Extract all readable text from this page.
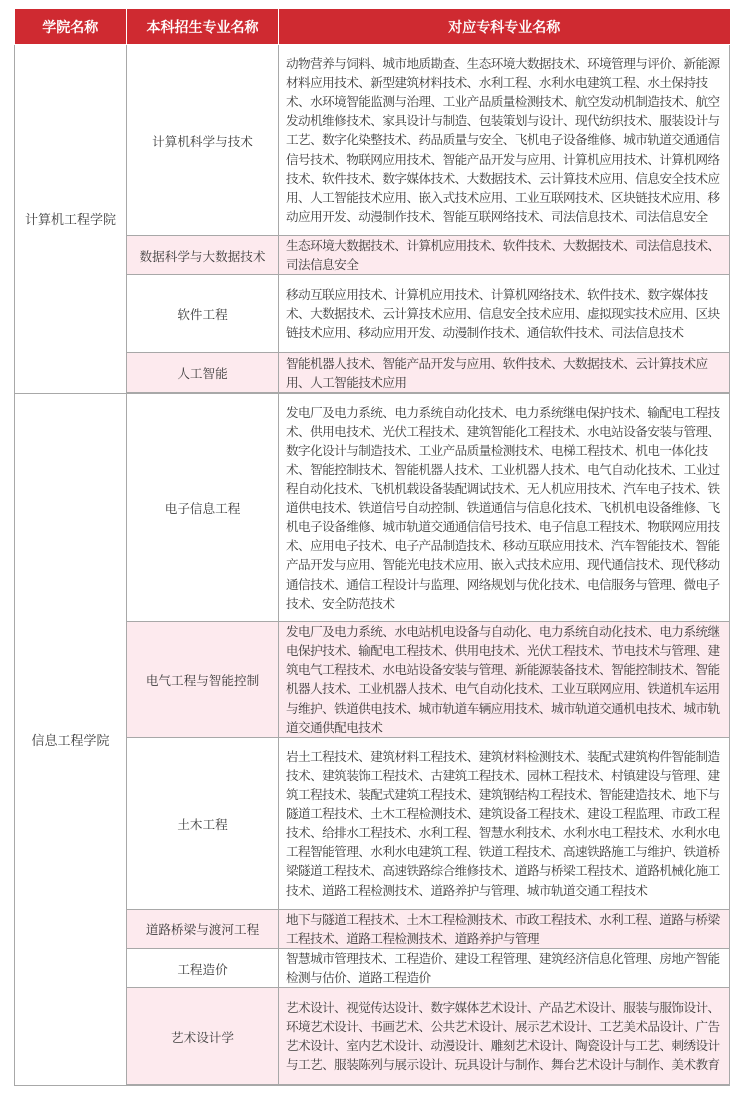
学院名称	本科招生专业名称	对应专科专业名称
计算机工程学院	计算机科学与技术	动物营养与饲料、城市地质勘查、生态环境大数据技术、环境管理与评价、新能源材料应用技术、新型建筑材料技术、水利工程、水利水电建筑工程、水土保持技术、水环境智能监测与治理、工业产品质量检测技术、航空发动机制造技术、航空发动机维修技术、家具设计与制造、包装策划与设计、现代纺织技术、服装设计与工艺、数字化染整技术、药品质量与安全、飞机电子设备维修、城市轨道交通通信信号技术、物联网应用技术、智能产品开发与应用、计算机应用技术、计算机网络技术、软件技术、数字媒体技术、大数据技术、云计算技术应用、信息安全技术应用、人工智能技术应用、嵌入式技术应用、工业互联网技术、区块链技术应用、移动应用开发、动漫制作技术、智能互联网络技术、司法信息技术、司法信息安全
	数据科学与大数据技术	生态环境大数据技术、计算机应用技术、软件技术、大数据技术、司法信息技术、司法信息安全
	软件工程	移动互联应用技术、计算机应用技术、计算机网络技术、软件技术、数字媒体技术、大数据技术、云计算技术应用、信息安全技术应用、虚拟现实技术应用、区块链技术应用、移动应用开发、动漫制作技术、通信软件技术、司法信息技术
	人工智能	智能机器人技术、智能产品开发与应用、软件技术、大数据技术、云计算技术应用、人工智能技术应用
信息工程学院	电子信息工程	发电厂及电力系统、电力系统自动化技术、电力系统继电保护技术、输配电工程技术、供用电技术、光伏工程技术、建筑智能化工程技术、水电站设备安装与管理、数字化设计与制造技术、工业产品质量检测技术、电梯工程技术、机电一体化技术、智能控制技术、智能机器人技术、工业机器人技术、电气自动化技术、工业过程自动化技术、飞机机载设备装配调试技术、无人机应用技术、汽车电子技术、铁道供电技术、铁道信号自动控制、铁道通信与信息化技术、飞机机电设备维修、飞机电子设备维修、城市轨道交通通信信号技术、电子信息工程技术、物联网应用技术、应用电子技术、电子产品制造技术、移动互联应用技术、汽车智能技术、智能产品开发与应用、智能光电技术应用、嵌入式技术应用、现代通信技术、现代移动通信技术、通信工程设计与监理、网络规划与优化技术、电信服务与管理、微电子技术、安全防范技术
	电气工程与智能控制	发电厂及电力系统、水电站机电设备与自动化、电力系统自动化技术、电力系统继电保护技术、输配电工程技术、供用电技术、光伏工程技术、节电技术与管理、建筑电气工程技术、水电站设备安装与管理、新能源装备技术、智能控制技术、智能机器人技术、工业机器人技术、电气自动化技术、工业互联网应用、铁道机车运用与维护、铁道供电技术、城市轨道车辆应用技术、城市轨道交通机电技术、城市轨道交通供配电技术
	土木工程	岩土工程技术、建筑材料工程技术、建筑材料检测技术、装配式建筑构件智能制造技术、建筑装饰工程技术、古建筑工程技术、园林工程技术、村镇建设与管理、建筑工程技术、装配式建筑工程技术、建筑钢结构工程技术、智能建造技术、地下与隧道工程技术、土木工程检测技术、建筑设备工程技术、建设工程监理、市政工程技术、给排水工程技术、水利工程、智慧水利技术、水利水电工程技术、水利水电工程智能管理、水利水电建筑工程、铁道工程技术、高速铁路施工与维护、铁道桥梁隧道工程技术、高速铁路综合维修技术、道路与桥梁工程技术、道路机械化施工技术、道路工程检测技术、道路养护与管理、城市轨道交通工程技术
	道路桥梁与渡河工程	地下与隧道工程技术、土木工程检测技术、市政工程技术、水利工程、道路与桥梁工程技术、道路工程检测技术、道路养护与管理
	工程造价	智慧城市管理技术、工程造价、建设工程管理、建筑经济信息化管理、房地产智能检测与估价、道路工程造价
	艺术设计学	艺术设计、视觉传达设计、数字媒体艺术设计、产品艺术设计、服装与服饰设计、环境艺术设计、书画艺术、公共艺术设计、展示艺术设计、工艺美术品设计、广告艺术设计、室内艺术设计、动漫设计、雕刻艺术设计、陶瓷设计与工艺、刺绣设计与工艺、服装陈列与展示设计、玩具设计与制作、舞台艺术设计与制作、美术教育
